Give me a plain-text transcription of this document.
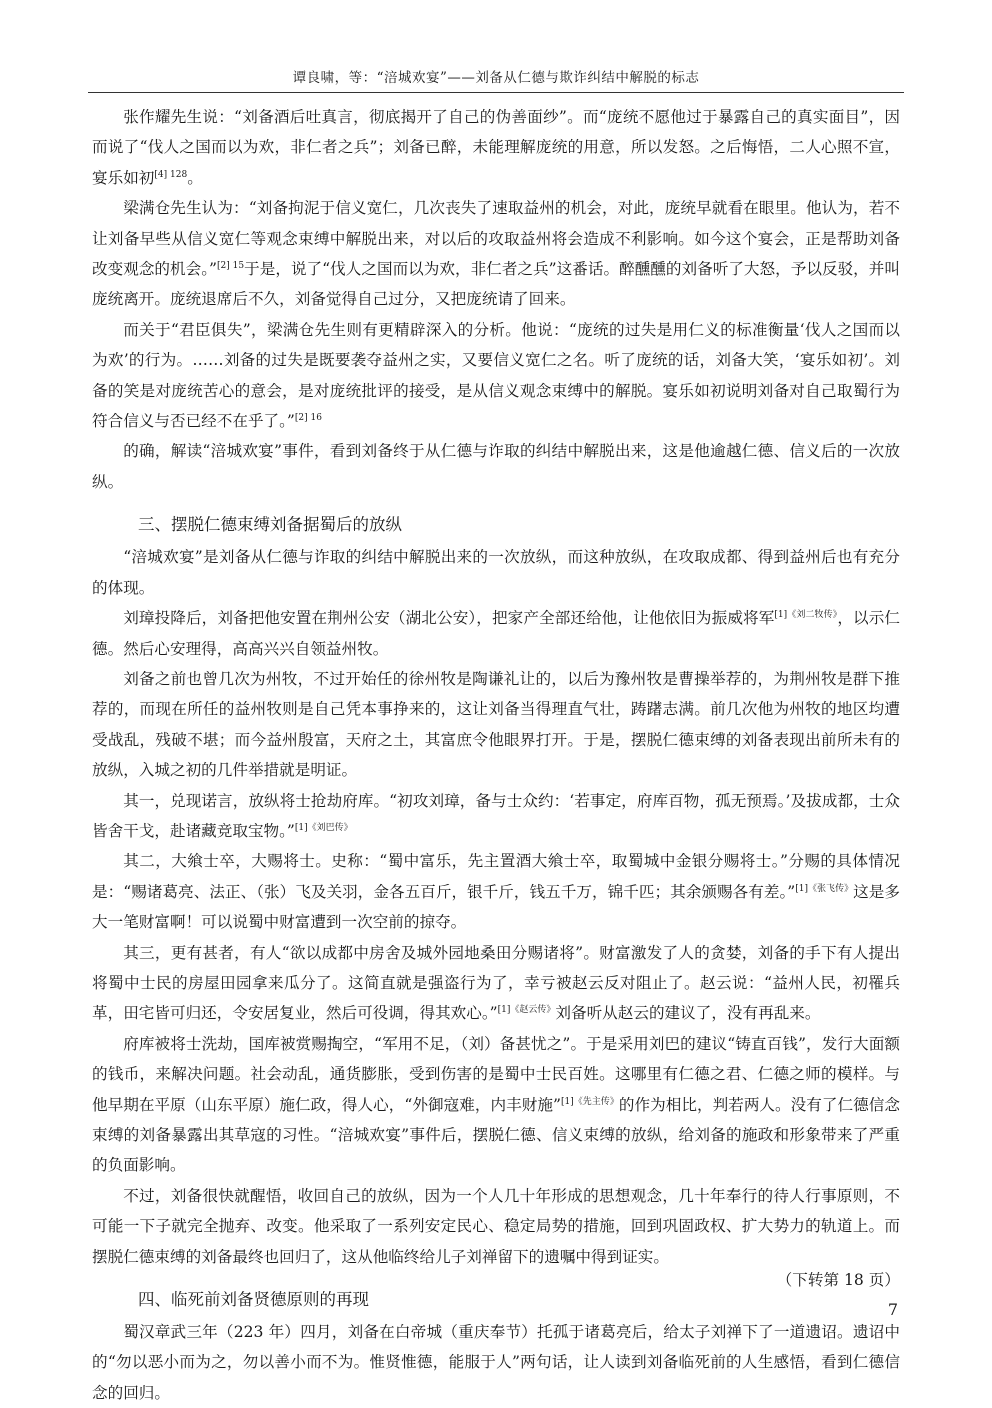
谭良啸，等：“涪城欢宴”——刘备从仁德与欺诈纠结中解脱的标志

张作耀先生说：“刘备酒后吐真言，彻底揭开了自己的伪善面纱”。而“庞统不愿他过于暴露自己的真实面目”，因而说了“伐人之国而以为欢，非仁者之兵”；刘备已醉，未能理解庞统的用意，所以发怒。之后悔悟，二人心照不宣，宴乐如初$^{[4] 128}$。

梁满仓先生认为：“刘备拘泥于信义宽仁，几次丧失了速取益州的机会，对此，庞统早就看在眼里。他认为，若不让刘备早些从信义宽仁等观念束缚中解脱出来，对以后的攻取益州将会造成不利影响。如今这个宴会，正是帮助刘备改变观念的机会。”$^{[2] 15}$于是，说了“伐人之国而以为欢，非仁者之兵”这番话。醉醺醺的刘备听了大怒，予以反驳，并叫庞统离开。庞统退席后不久，刘备觉得自己过分，又把庞统请了回来。

而关于“君臣俱失”，梁满仓先生则有更精辟深入的分析。他说：“庞统的过失是用仁义的标准衡量‘伐人之国而以为欢’的行为。……刘备的过失是既要袭夺益州之实，又要信义宽仁之名。听了庞统的话，刘备大笑，‘宴乐如初’。刘备的笑是对庞统苦心的意会，是对庞统批评的接受，是从信义观念束缚中的解脱。宴乐如初说明刘备对自己取蜀行为符合信义与否已经不在乎了。”$^{[2] 16}$

的确，解读“涪城欢宴”事件，看到刘备终于从仁德与诈取的纠结中解脱出来，这是他逾越仁德、信义后的一次放纵。

三、摆脱仁德束缚刘备据蜀后的放纵

“涪城欢宴”是刘备从仁德与诈取的纠结中解脱出来的一次放纵，而这种放纵，在攻取成都、得到益州后也有充分的体现。

刘璋投降后，刘备把他安置在荆州公安（湖北公安），把家产全部还给他，让他依旧为振威将军$^{[1]《刘二牧传》}$，以示仁德。然后心安理得，高高兴兴自领益州牧。

刘备之前也曾几次为州牧，不过开始任的徐州牧是陶谦礼让的，以后为豫州牧是曹操举荐的，为荆州牧是群下推荐的，而现在所任的益州牧则是自己凭本事挣来的，这让刘备当得理直气壮，踌躇志满。前几次他为州牧的地区均遭受战乱，残破不堪；而今益州殷富，天府之土，其富庶令他眼界打开。于是，摆脱仁德束缚的刘备表现出前所未有的放纵，入城之初的几件举措就是明证。

其一，兑现诺言，放纵将士抢劫府库。“初攻刘璋，备与士众约：‘若事定，府库百物，孤无预焉。’及拔成都，士众皆舍干戈，赴诸藏竞取宝物。”$^{[1]《刘巴传》}$

其二，大飨士卒，大赐将士。史称：“蜀中富乐，先主置酒大飨士卒，取蜀城中金银分赐将士。”分赐的具体情况是：“赐诸葛亮、法正、（张）飞及关羽，金各五百斤，银千斤，钱五千万，锦千匹；其余颁赐各有差。”$^{[1]《张飞传》}$这是多大一笔财富啊！可以说蜀中财富遭到一次空前的掠夺。

其三，更有甚者，有人“欲以成都中房舍及城外园地桑田分赐诸将”。财富激发了人的贪婪，刘备的手下有人提出将蜀中士民的房屋田园拿来瓜分了。这简直就是强盗行为了，幸亏被赵云反对阻止了。赵云说：“益州人民，初罹兵革，田宅皆可归还，令安居复业，然后可役调，得其欢心。”$^{[1]《赵云传》}$刘备听从赵云的建议了，没有再乱来。

府库被将士洗劫，国库被赏赐掏空，“军用不足，（刘）备甚忧之”。于是采用刘巴的建议“铸直百钱”，发行大面额的钱币，来解决问题。社会动乱，通货膨胀，受到伤害的是蜀中士民百姓。这哪里有仁德之君、仁德之师的模样。与他早期在平原（山东平原）施仁政，得人心，“外御寇难，内丰财施”$^{[1]《先主传》}$的作为相比，判若两人。没有了仁德信念束缚的刘备暴露出其草寇的习性。“涪城欢宴”事件后，摆脱仁德、信义束缚的放纵，给刘备的施政和形象带来了严重的负面影响。

不过，刘备很快就醒悟，收回自己的放纵，因为一个人几十年形成的思想观念，几十年奉行的待人行事原则，不可能一下子就完全抛弃、改变。他采取了一系列安定民心、稳定局势的措施，回到巩固政权、扩大势力的轨道上。而摆脱仁德束缚的刘备最终也回归了，这从他临终给儿子刘禅留下的遗嘱中得到证实。

四、临死前刘备贤德原则的再现

蜀汉章武三年（223 年）四月，刘备在白帝城（重庆奉节）托孤于诸葛亮后，给太子刘禅下了一道遗诏。遗诏中的“勿以恶小而为之，勿以善小而不为。惟贤惟德，能服于人”两句话，让人读到刘备临死前的人生感悟，看到仁德信念的回归。

（下转第 18 页）
7
